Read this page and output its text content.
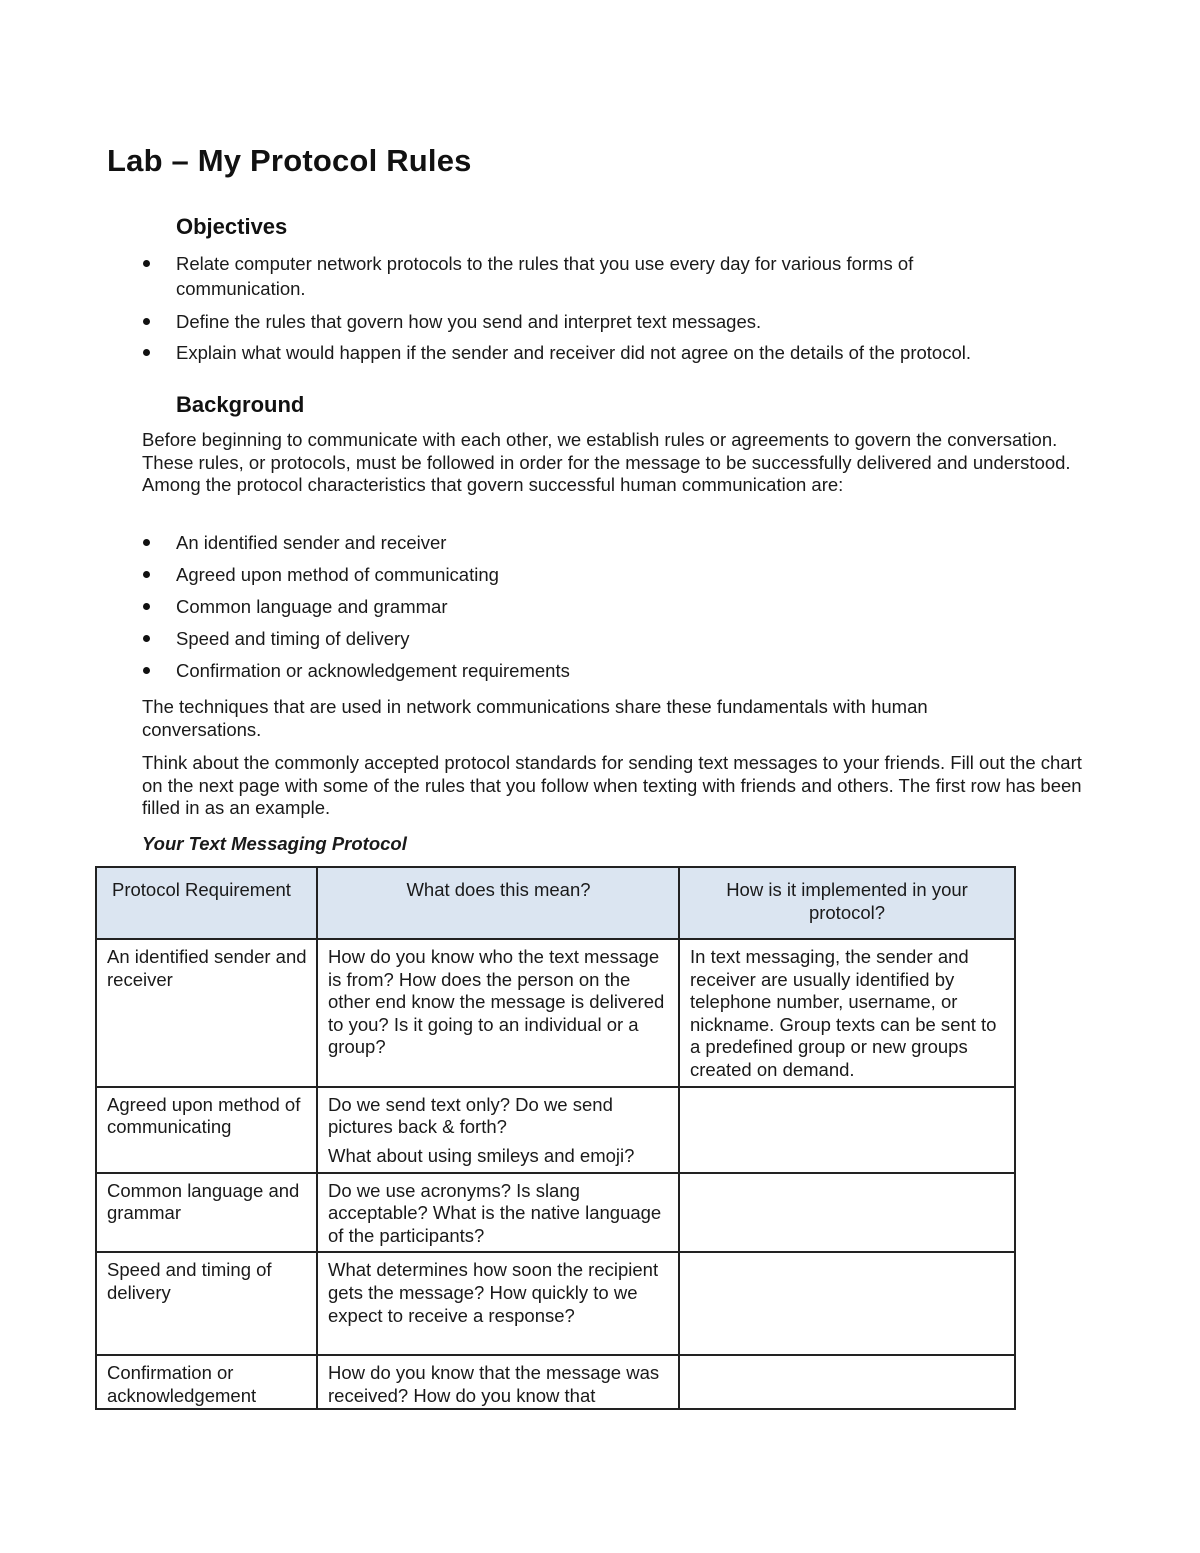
Lab – My Protocol Rules
Objectives
Relate computer network protocols to the rules that you use every day for various forms of communication.
Define the rules that govern how you send and interpret text messages.
Explain what would happen if the sender and receiver did not agree on the details of the protocol.
Background

Before beginning to communicate with each other, we establish rules or agreements to govern the conversation. These rules, or protocols, must be followed in order for the message to be successfully delivered and understood. Among the protocol characteristics that govern successful human communication are:

An identified sender and receiver
Agreed upon method of communicating
Common language and grammar
Speed and timing of delivery
Confirmation or acknowledgement requirements

The techniques that are used in network communications share these fundamentals with human conversations.

Think about the commonly accepted protocol standards for sending text messages to your friends. Fill out the chart on the next page with some of the rules that you follow when texting with friends and others. The first row has been filled in as an example.

Your Text Messaging Protocol

Protocol Requirement	What does this mean?	How is it implemented in your protocol?
An identified sender and receiver	How do you know who the text message is from? How does the person on the other end know the message is delivered to you? Is it going to an individual or a group?	In text messaging, the sender and receiver are usually identified by telephone number, username, or nickname. Group texts can be sent to a predefined group or new groups created on demand.
Agreed upon method of communicating	Do we send text only? Do we send pictures back & forth?
What about using smileys and emoji?	

Common language and grammar	Do we use acronyms? Is slang acceptable? What is the native language of the participants?	
Speed and timing of delivery	What determines how soon the recipient gets the message? How quickly to we expect to receive a response?	
Confirmation or acknowledgement	How do you know that the message was received? How do you know that	
